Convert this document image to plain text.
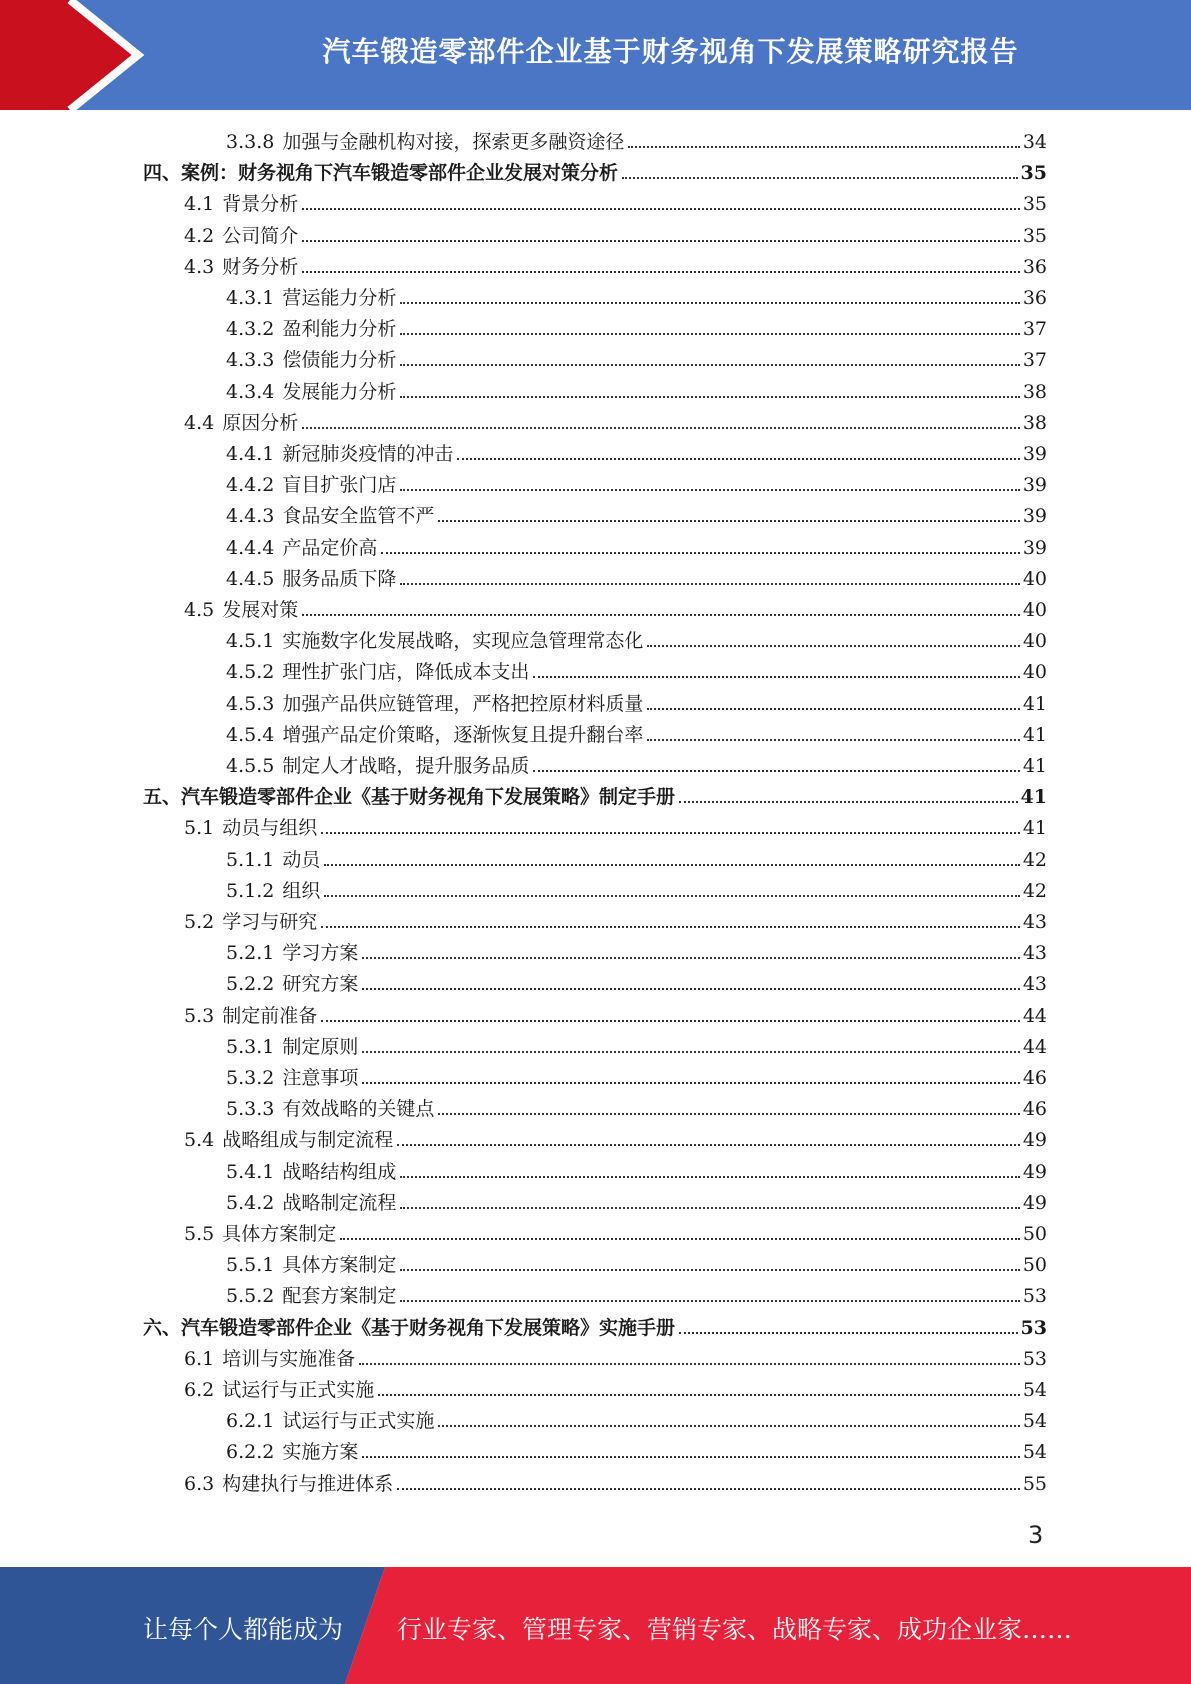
汽车锻造零部件企业基于财务视角下发展策略研究报告
3.3.8 加强与金融机构对接，探索更多融资途径	34
四、案例：财务视角下汽车锻造零部件企业发展对策分析	35
4.1 背景分析	35
4.2 公司简介	35
4.3 财务分析	36
4.3.1 营运能力分析	36
4.3.2 盈利能力分析	37
4.3.3 偿债能力分析	37
4.3.4 发展能力分析	38
4.4 原因分析	38
4.4.1 新冠肺炎疫情的冲击	39
4.4.2 盲目扩张门店	39
4.4.3 食品安全监管不严	39
4.4.4 产品定价高	39
4.4.5 服务品质下降	40
4.5 发展对策	40
4.5.1 实施数字化发展战略，实现应急管理常态化	40
4.5.2 理性扩张门店，降低成本支出	40
4.5.3 加强产品供应链管理，严格把控原材料质量	41
4.5.4 增强产品定价策略，逐渐恢复且提升翻台率	41
4.5.5 制定人才战略，提升服务品质	41
五、汽车锻造零部件企业《基于财务视角下发展策略》制定手册	41
5.1 动员与组织	41
5.1.1 动员	42
5.1.2 组织	42
5.2 学习与研究	43
5.2.1 学习方案	43
5.2.2 研究方案	43
5.3 制定前准备	44
5.3.1 制定原则	44
5.3.2 注意事项	46
5.3.3 有效战略的关键点	46
5.4 战略组成与制定流程	49
5.4.1 战略结构组成	49
5.4.2 战略制定流程	49
5.5 具体方案制定	50
5.5.1 具体方案制定	50
5.5.2 配套方案制定	53
六、汽车锻造零部件企业《基于财务视角下发展策略》实施手册	53
6.1 培训与实施准备	53
6.2 试运行与正式实施	54
6.2.1 试运行与正式实施	54
6.2.2 实施方案	54
6.3 构建执行与推进体系	55
3
让每个人都能成为 行业专家、管理专家、营销专家、战略专家、成功企业家……
